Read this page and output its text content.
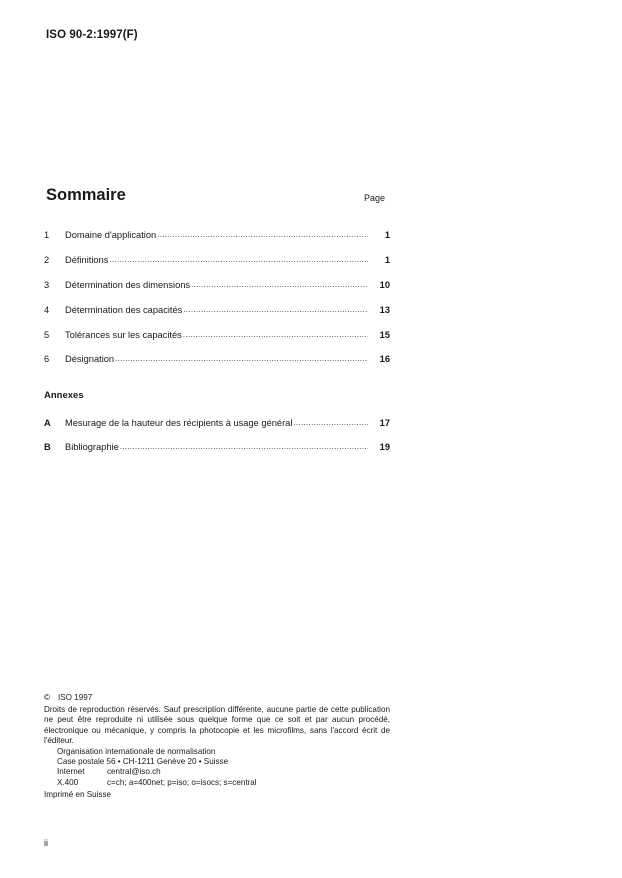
ISO 90-2:1997(F)
Sommaire	Page
1	Domaine d'application .....	1
2	Définitions .....	1
3	Détermination des dimensions .....	10
4	Détermination des capacités .....	13
5	Tolérances sur les capacités .....	15
6	Désignation .....	16
Annexes
A	Mesurage de la hauteur des récipients à usage général .....	17
B	Bibliographie .....	19
© ISO 1997
Droits de reproduction réservés. Sauf prescription différente, aucune partie de cette publication ne peut être reproduite ni utilisée sous quelque forme que ce soit et par aucun procédé, électronique ou mécanique, y compris la photocopie et les microfilms, sans l'accord écrit de l'éditeur.
Organisation internationale de normalisation
Case postale 56 • CH-1211 Genève 20 • Suisse
Internet	central@iso.ch
X.400	c=ch; a=400net; p=iso; o=isocs; s=central
Imprimé en Suisse
ii
